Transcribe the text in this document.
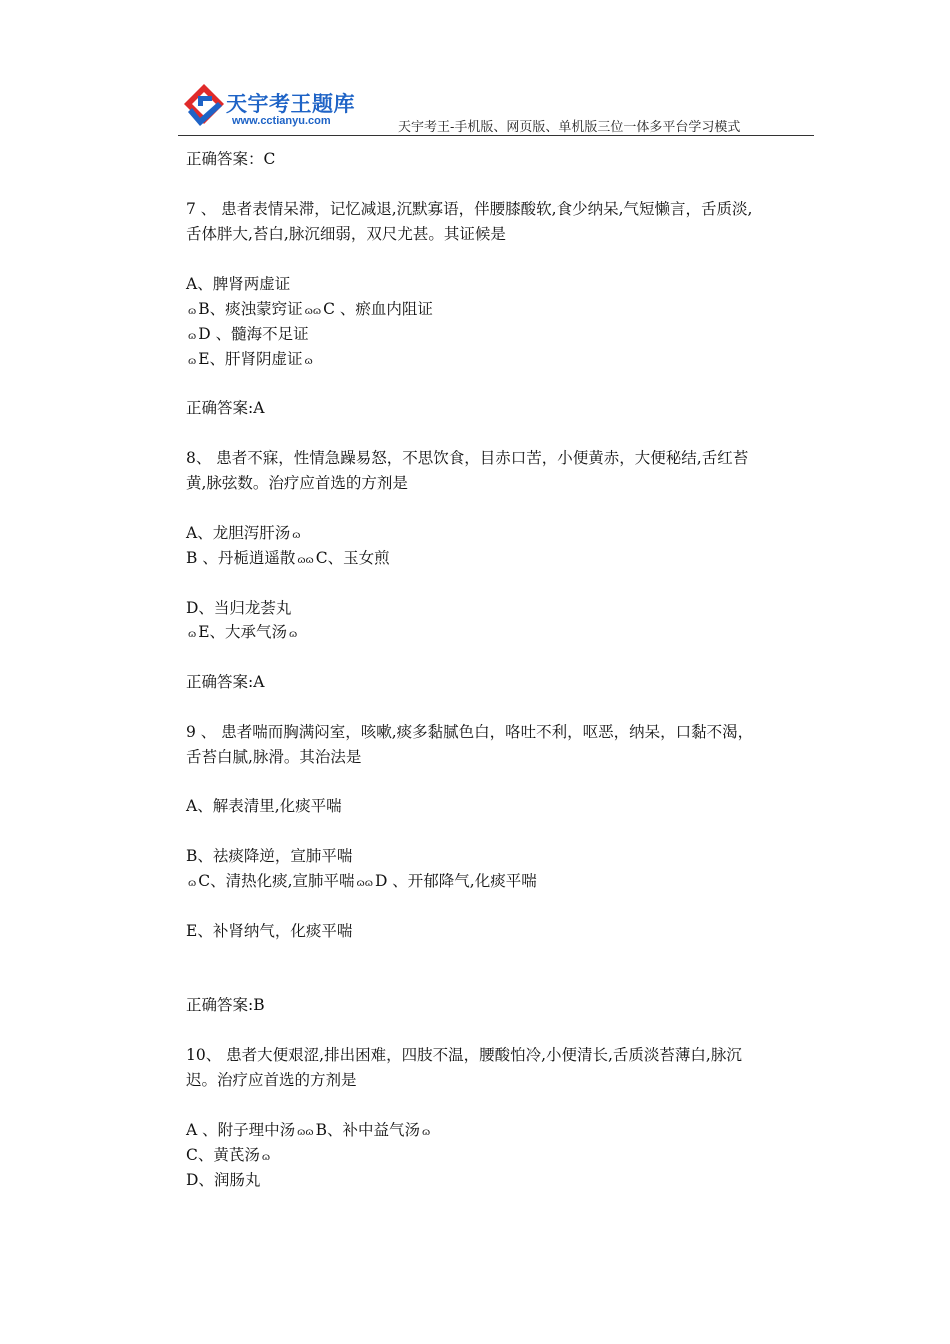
天宇考王题库
www.cctianyu.com	天宇考王-手机版、网页版、单机版三位一体多平台学习模式
正确答案：C
7 、 患者表情呆滞，记忆减退,沉默寡语，伴腰膝酸软,食少纳呆,气短懒言，舌质淡,
舌体胖大,苔白,脉沉细弱，双尺尤甚。其证候是
A、脾肾两虚证
ɷ B、痰浊蒙窍证 ɷɷ C 、瘀血内阻证
ɷ D 、髓海不足证
ɷ E、肝肾阴虚证 ɷ
正确答案:A
8、 患者不寐，性情急躁易怒，不思饮食，目赤口苦，小便黄赤，大便秘结,舌红苔
黄,脉弦数。治疗应首选的方剂是
A、龙胆泻肝汤 ɷ
B 、丹栀逍遥散 ɷɷ C、玉女煎
D、当归龙荟丸
ɷ E、大承气汤 ɷ
正确答案:A
9 、 患者喘而胸满闷室，咳嗽,痰多黏腻色白，咯吐不利，呕恶，纳呆，口黏不渴，
舌苔白腻,脉滑。其治法是
A、解表清里,化痰平喘
B、祛痰降逆，宣肺平喘
ɷ C、清热化痰,宣肺平喘 ɷɷ D 、开郁降气,化痰平喘
E、补肾纳气，化痰平喘
正确答案:B
10、 患者大便艰涩,排出困难，四肢不温，腰酸怕冷,小便清长,舌质淡苔薄白,脉沉
迟。治疗应首选的方剂是
A 、附子理中汤 ɷɷ B、补中益气汤 ɷ
C、黄芪汤 ɷ
D、润肠丸
